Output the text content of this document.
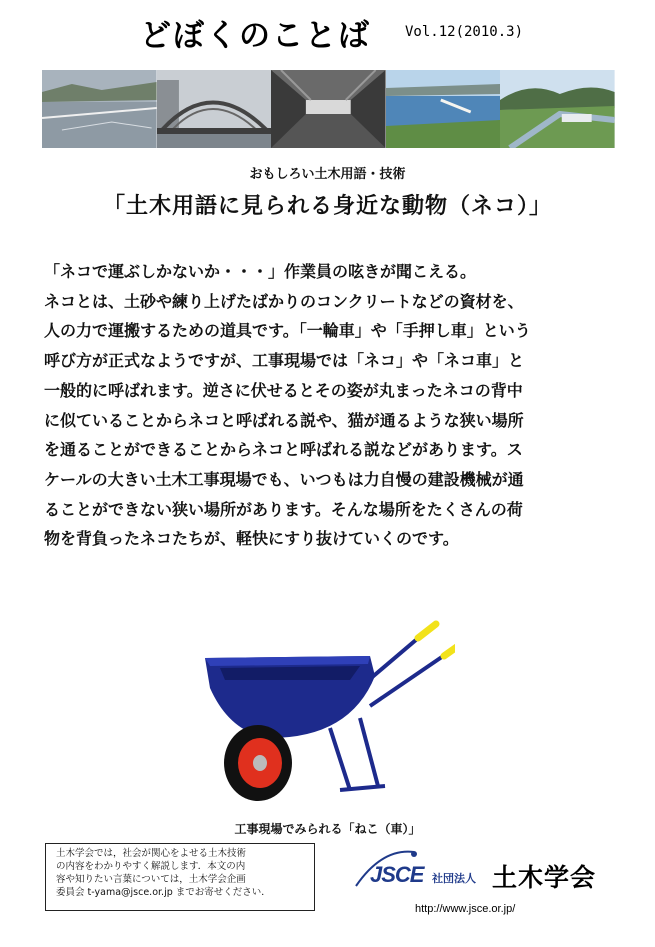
どぼくのことば Vol.12(2010.3)
おもしろい土木用語・技術
「土木用語に見られる身近な動物（ネコ）」

「ネコで運ぶしかないか・・・」作業員の呟きが聞こえる。
ネコとは、土砂や練り上げたばかりのコンクリートなどの資材を、
人の力で運搬するための道具です。「一輪車」や「手押し車」という
呼び方が正式なようですが、工事現場では「ネコ」や「ネコ車」と
一般的に呼ばれます。逆さに伏せるとその姿が丸まったネコの背中
に似ていることからネコと呼ばれる説や、猫が通るような狭い場所
を通ることができることからネコと呼ばれる説などがあります。ス
ケールの大きい土木工事現場でも、いつもは力自慢の建設機械が通
ることができない狭い場所があります。そんな場所をたくさんの荷
物を背負ったネコたちが、軽快にすり抜けていくのです。

工事現場でみられる「ねこ（車）」
土木学会では，社会が関心をよせる土木技術
の内容をわかりやすく解説します．本文の内
容や知りたい言葉については，土木学会企画
委員会 t-yama@jsce.or.jp までお寄せください．
JSCE 社団法人 土木学会
http://www.jsce.or.jp/
